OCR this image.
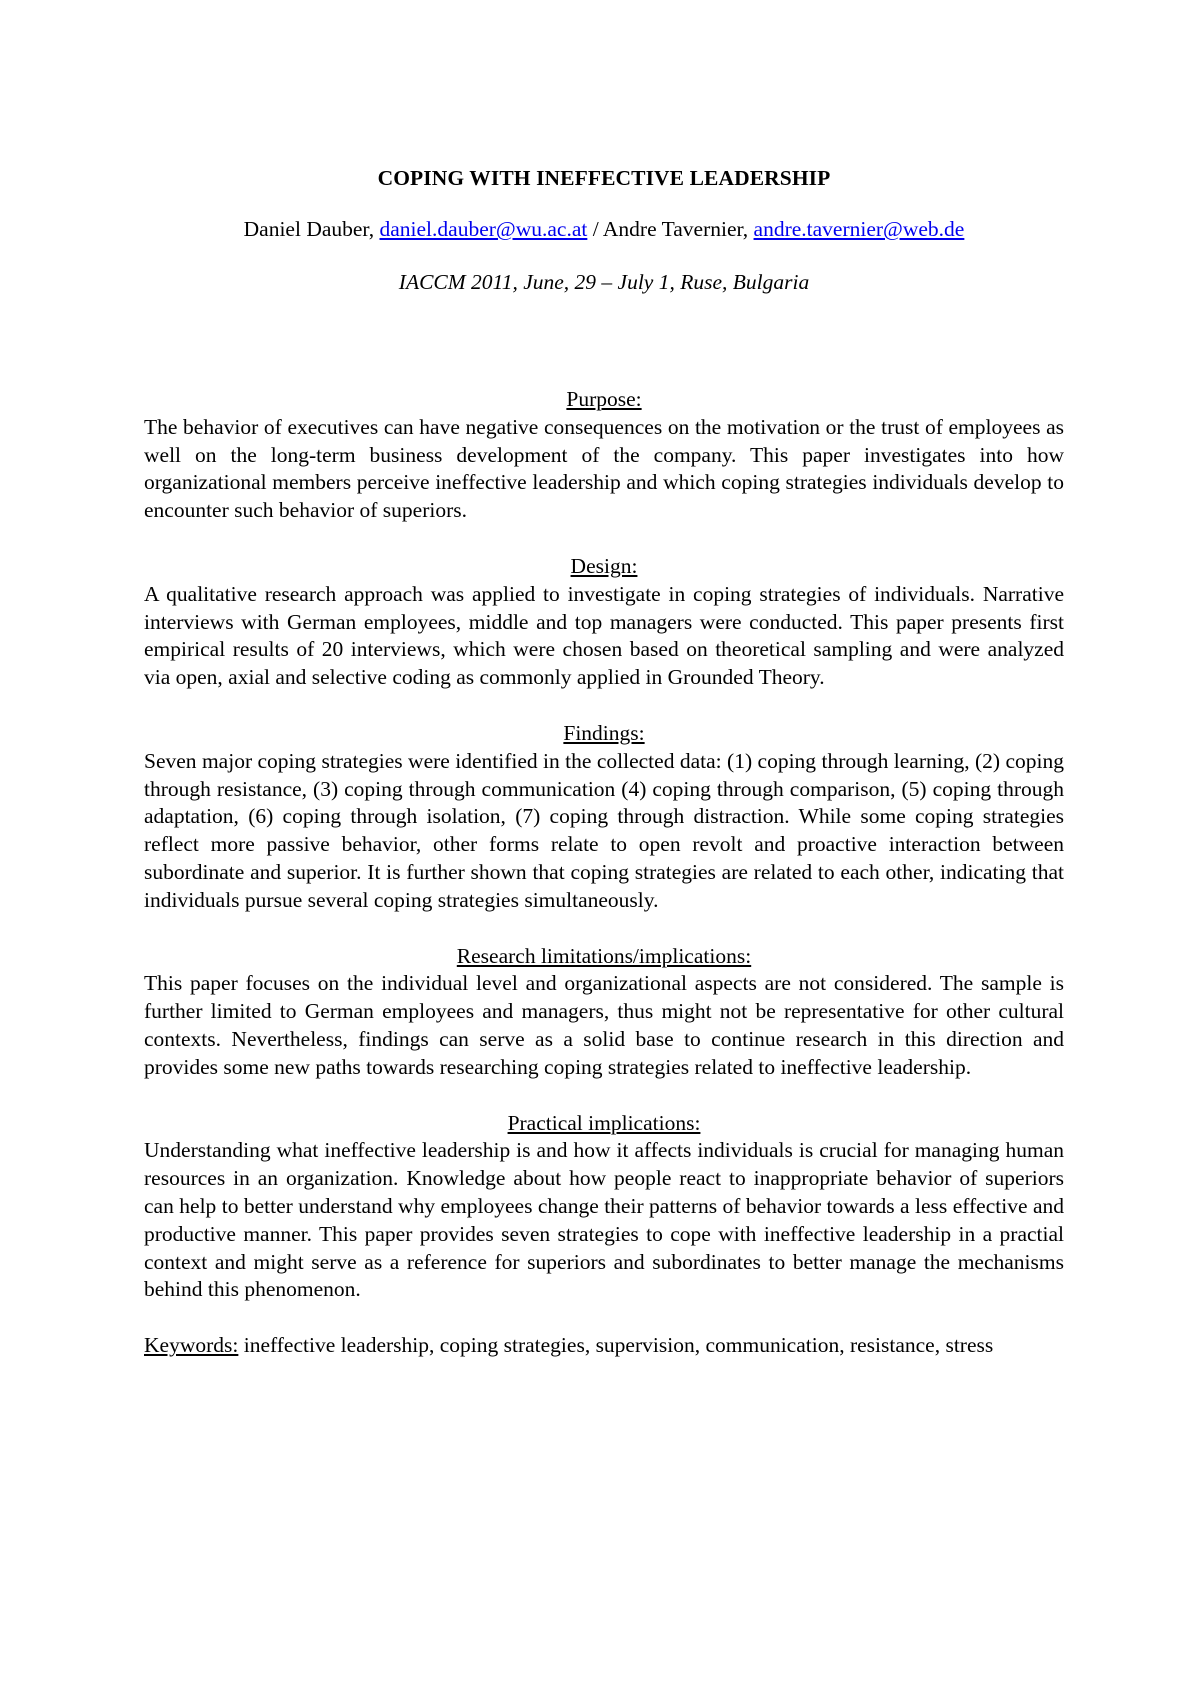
COPING WITH INEFFECTIVE LEADERSHIP
Daniel Dauber, daniel.dauber@wu.ac.at / Andre Tavernier, andre.tavernier@web.de
IACCM 2011, June, 29 – July 1, Ruse, Bulgaria
Purpose:
The behavior of executives can have negative consequences on the motivation or the trust of employees as well on the long-term business development of the company. This paper investigates into how organizational members perceive ineffective leadership and which coping strategies individuals develop to encounter such behavior of superiors.
Design:
A qualitative research approach was applied to investigate in coping strategies of individuals. Narrative interviews with German employees, middle and top managers were conducted. This paper presents first empirical results of 20 interviews, which were chosen based on theoretical sampling and were analyzed via open, axial and selective coding as commonly applied in Grounded Theory.
Findings:
Seven major coping strategies were identified in the collected data: (1) coping through learning, (2) coping through resistance, (3) coping through communication (4) coping through comparison, (5) coping through adaptation, (6) coping through isolation, (7) coping through distraction. While some coping strategies reflect more passive behavior, other forms relate to open revolt and proactive interaction between subordinate and superior. It is further shown that coping strategies are related to each other, indicating that individuals pursue several coping strategies simultaneously.
Research limitations/implications:
This paper focuses on the individual level and organizational aspects are not considered. The sample is further limited to German employees and managers, thus might not be representative for other cultural contexts. Nevertheless, findings can serve as a solid base to continue research in this direction and provides some new paths towards researching coping strategies related to ineffective leadership.
Practical implications:
Understanding what ineffective leadership is and how it affects individuals is crucial for managing human resources in an organization. Knowledge about how people react to inappropriate behavior of superiors can help to better understand why employees change their patterns of behavior towards a less effective and productive manner. This paper provides seven strategies to cope with ineffective leadership in a practial context and might serve as a reference for superiors and subordinates to better manage the mechanisms behind this phenomenon.
Keywords: ineffective leadership, coping strategies, supervision, communication, resistance, stress
